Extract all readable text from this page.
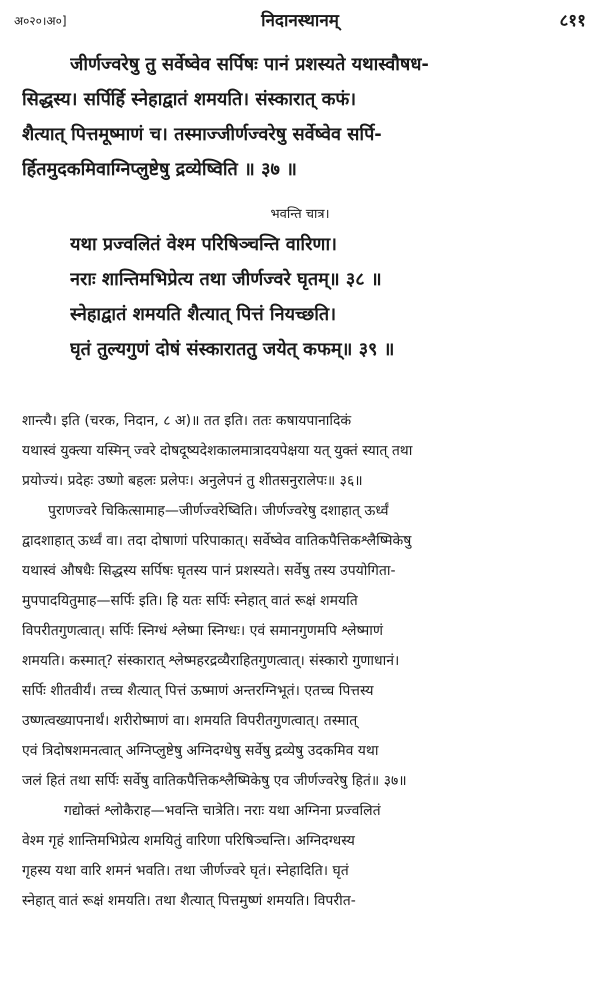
अ०२०।अ०]	निदानस्थानम्	८११
जीर्णज्वरेषु तु सर्वेष्वेव सर्पिषः पानं प्रशस्यते यथास्वौषध-
सिद्धस्य। सर्पिर्हि स्नेहाद्वातं शमयति। संस्कारात् कफं।
शैत्यात् पित्तमूष्माणं च। तस्माज्जीर्णज्वरेषु सर्वेष्वेव सर्पि-
र्हितमुदकमिवाग्निप्लुष्टेषु द्रव्येष्विति ॥ ३७ ॥
भवन्ति चात्र।
यथा प्रज्वलितं वेश्म परिषिञ्चन्ति वारिणा।
नराः शान्तिमभिप्रेत्य तथा जीर्णज्वरे घृतम्॥ ३८ ॥
स्नेहाद्वातं शमयति शैत्यात् पित्तं नियच्छति।
घृतं तुल्यगुणं दोषं संस्काराततु जयेत् कफम्॥ ३९ ॥
शान्त्यै। इति (चरक, निदान, ८ अ)॥ तत इति। ततः कषायपानादिकं
यथास्वं युक्त्या यस्मिन् ज्वरे दोषदूष्यदेशकालमात्रादयपेक्षया यत् युक्तं स्यात् तथा
प्रयोज्यं। प्रदेहः उष्णो बहलः प्रलेपः। अनुलेपनं तु शीतसनुरालेपः॥ ३६॥
पुराणज्वरे चिकित्सामाह—जीर्णज्वरेष्विति। जीर्णज्वरेषु दशाहात् ऊर्ध्वं
द्वादशाहात् ऊर्ध्वं वा। तदा दोषाणां परिपाकात्। सर्वेष्वेव वातिकपैत्तिकश्लैष्मिकेषु
यथास्वं औषधैः सिद्धस्य सर्पिषः घृतस्य पानं प्रशस्यते। सर्वेषु तस्य उपयोगिता-
मुपपादयितुमाह—सर्पिः इति। हि यतः सर्पिः स्नेहात् वातं रूक्षं शमयति
विपरीतगुणत्वात्। सर्पिः स्निग्धं श्लेष्मा स्निग्धः। एवं समानगुणमपि श्लेष्माणं
शमयति। कस्मात्? संस्कारात् श्लेष्महरद्रव्यैराहितगुणत्वात्। संस्कारो गुणाधानं।
सर्पिः शीतवीर्यं। तच्च शैत्यात् पित्तं ऊष्माणं अन्तरग्निभूतं। एतच्च पित्तस्य
उष्णत्वख्यापनार्थं। शरीरोष्माणं वा। शमयति विपरीतगुणत्वात्। तस्मात्
एवं त्रिदोषशमनत्वात् अग्निप्लुष्टेषु अग्निदग्धेषु सर्वेषु द्रव्येषु उदकमिव यथा
जलं हितं तथा सर्पिः सर्वेषु वातिकपैत्तिकश्लैष्मिकेषु एव जीर्णज्वरेषु हितं॥ ३७॥
गद्योक्तं श्लोकैराह—भवन्ति चात्रेति। नराः यथा अग्निना प्रज्वलितं
वेश्म गृहं शान्तिमभिप्रेत्य शमयितुं वारिणा परिषिञ्चन्ति। अग्निदग्धस्य
गृहस्य यथा वारि शमनं भवति। तथा जीर्णज्वरे घृतं। स्नेहादिति। घृतं
स्नेहात् वातं रूक्षं शमयति। तथा शैत्यात् पित्तमुष्णं शमयति। विपरीत-
